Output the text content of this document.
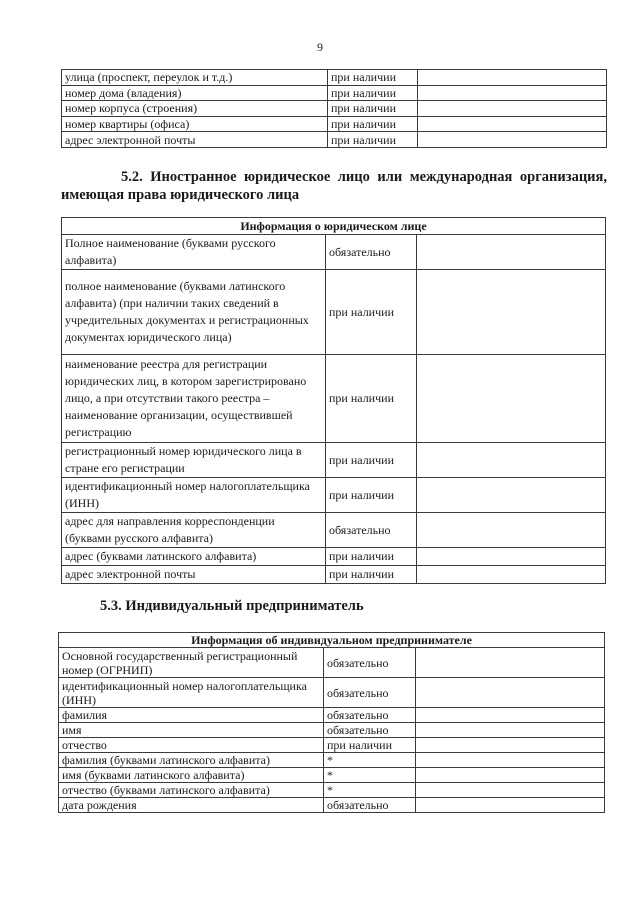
9
улица (проспект, переулок и т.д.)	при наличии	
номер дома (владения)	при наличии	
номер корпуса (строения)	при наличии	
номер квартиры (офиса)	при наличии	
адрес электронной почты	при наличии	
5.2. Иностранное юридическое лицо или международная организация, имеющая права юридического лица
Информация о юридическом лице		
Полное наименование (буквами русского алфавита)	обязательно	
полное наименование (буквами латинского алфавита) (при наличии таких сведений в учредительных документах и регистрационных документах юридического лица)	при наличии	
наименование реестра для регистрации юридических лиц, в котором зарегистрировано лицо, а при отсутствии такого реестра – наименование организации, осуществившей регистрацию	при наличии	
регистрационный номер юридического лица в стране его регистрации	при наличии	
идентификационный номер налогоплательщика (ИНН)	при наличии	
адрес для направления корреспонденции (буквами русского алфавита)	обязательно	
адрес (буквами латинского алфавита)	при наличии	
адрес электронной почты	при наличии	
5.3. Индивидуальный предприниматель
Информация об индивидуальном предпринимателе		
Основной государственный регистрационный номер (ОГРНИП)	обязательно	
идентификационный номер налогоплательщика (ИНН)	обязательно	
фамилия	обязательно	
имя	обязательно	
отчество	при наличии	
фамилия (буквами латинского алфавита)	*	
имя (буквами латинского алфавита)	*	
отчество (буквами латинского алфавита)	*	
дата рождения	обязательно	
